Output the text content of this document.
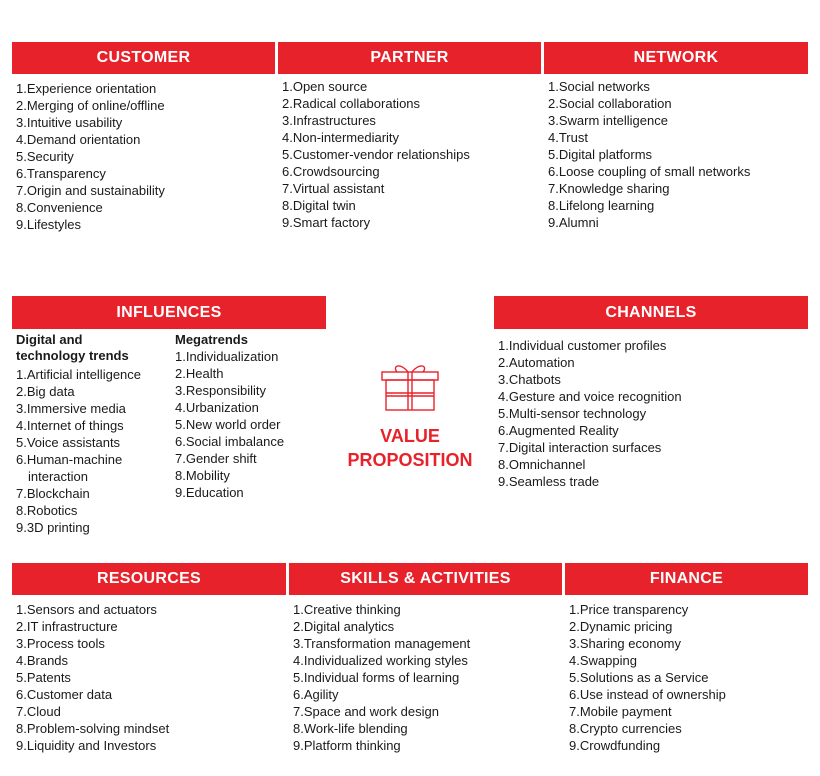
CUSTOMER
1.Experience orientation
2.Merging of online/offline
3.Intuitive usability
4.Demand orientation
5.Security
6.Transparency
7.Origin and sustainability
8.Convenience
9.Lifestyles
PARTNER
1.Open source
2.Radical collaborations
3.Infrastructures
4.Non-intermediarity
5.Customer-vendor relationships
6.Crowdsourcing
7.Virtual assistant
8.Digital twin
9.Smart factory
NETWORK
1.Social networks
2.Social collaboration
3.Swarm intelligence
4.Trust
5.Digital platforms
6.Loose coupling of small networks
7.Knowledge sharing
8.Lifelong learning
9.Alumni
INFLUENCES
Digital and
technology trends
1.Artificial intelligence
2.Big data
3.Immersive media
4.Internet of things
5.Voice assistants
6.Human-machine
interaction
7.Blockchain
8.Robotics
9.3D printing
Megatrends
1.Individualization
2.Health
3.Responsibility
4.Urbanization
5.New world order
6.Social imbalance
7.Gender shift
8.Mobility
9.Education
VALUE
PROPOSITION
CHANNELS
1.Individual customer profiles
2.Automation
3.Chatbots
4.Gesture and voice recognition
5.Multi-sensor technology
6.Augmented Reality
7.Digital interaction surfaces
8.Omnichannel
9.Seamless trade
RESOURCES
1.Sensors and actuators
2.IT infrastructure
3.Process tools
4.Brands
5.Patents
6.Customer data
7.Cloud
8.Problem-solving mindset
9.Liquidity and Investors
SKILLS & ACTIVITIES
1.Creative thinking
2.Digital analytics
3.Transformation management
4.Individualized working styles
5.Individual forms of learning
6.Agility
7.Space and work design
8.Work-life blending
9.Platform thinking
FINANCE
1.Price transparency
2.Dynamic pricing
3.Sharing economy
4.Swapping
5.Solutions as a Service
6.Use instead of ownership
7.Mobile payment
8.Crypto currencies
9.Crowdfunding
